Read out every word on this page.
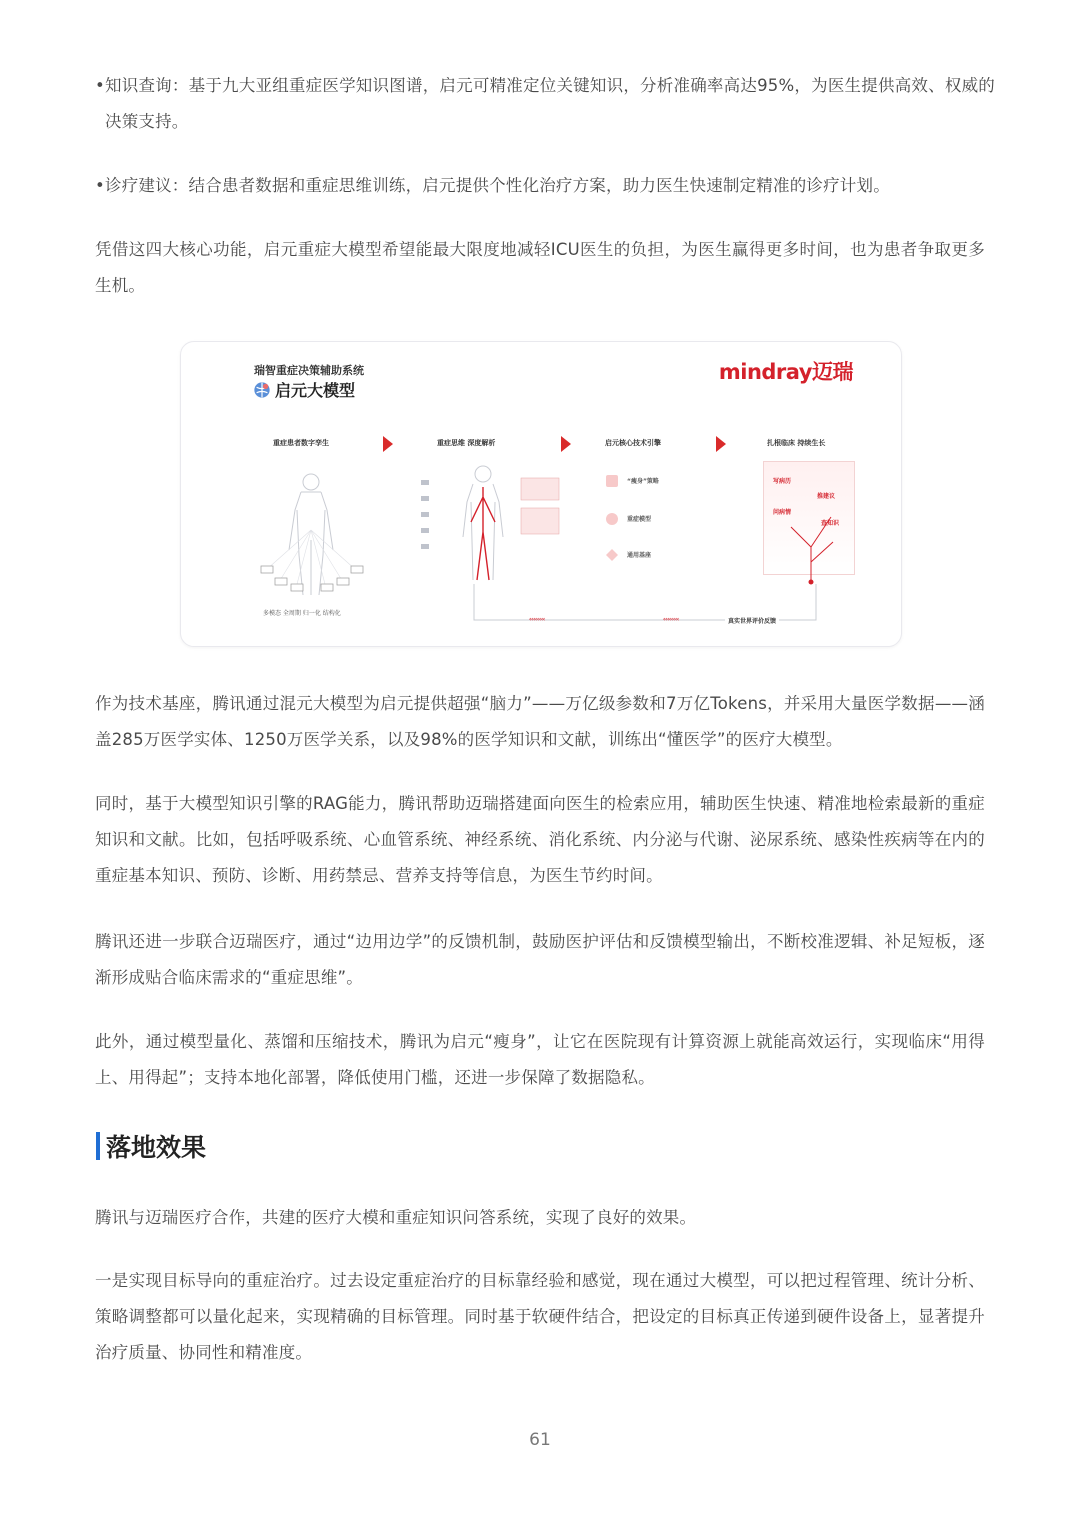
•知识查询：基于九大亚组重症医学知识图谱，启元可精准定位关键知识，分析准确率高达95%，为医生提供高效、权威的决策支持。
•诊疗建议：结合患者数据和重症思维训练，启元提供个性化治疗方案，助力医生快速制定精准的诊疗计划。
凭借这四大核心功能，启元重症大模型希望能最大限度地减轻ICU医生的负担，为医生赢得更多时间，也为患者争取更多生机。
瑞智重症决策辅助系统
启元大模型
mindray迈瑞
重症患者数字孪生	重症思维 深度解析	启元核心技术引擎	扎根临床 持续生长
多模态 全周期 归一化 结构化
写病历
问病情
推建议
查知识
“瘦身”策略
重症模型
通用基座
‹‹‹‹‹‹‹‹	‹‹‹‹‹‹‹‹	真实世界评价反馈
作为技术基座，腾讯通过混元大模型为启元提供超强“脑力”——万亿级参数和7万亿Tokens，并采用大量医学数据——涵盖285万医学实体、1250万医学关系，以及98%的医学知识和文献，训练出“懂医学”的医疗大模型。
同时，基于大模型知识引擎的RAG能力，腾讯帮助迈瑞搭建面向医生的检索应用，辅助医生快速、精准地检索最新的重症知识和文献。比如，包括呼吸系统、心血管系统、神经系统、消化系统、内分泌与代谢、泌尿系统、感染性疾病等在内的重症基本知识、预防、诊断、用药禁忌、营养支持等信息，为医生节约时间。
腾讯还进一步联合迈瑞医疗，通过“边用边学”的反馈机制，鼓励医护评估和反馈模型输出，不断校准逻辑、补足短板，逐渐形成贴合临床需求的“重症思维”。
此外，通过模型量化、蒸馏和压缩技术，腾讯为启元“瘦身”，让它在医院现有计算资源上就能高效运行，实现临床“用得上、用得起”；支持本地化部署，降低使用门槛，还进一步保障了数据隐私。
落地效果
腾讯与迈瑞医疗合作，共建的医疗大模和重症知识问答系统，实现了良好的效果。
一是实现目标导向的重症治疗。过去设定重症治疗的目标靠经验和感觉，现在通过大模型，可以把过程管理、统计分析、策略调整都可以量化起来，实现精确的目标管理。同时基于软硬件结合，把设定的目标真正传递到硬件设备上，显著提升治疗质量、协同性和精准度。
61
